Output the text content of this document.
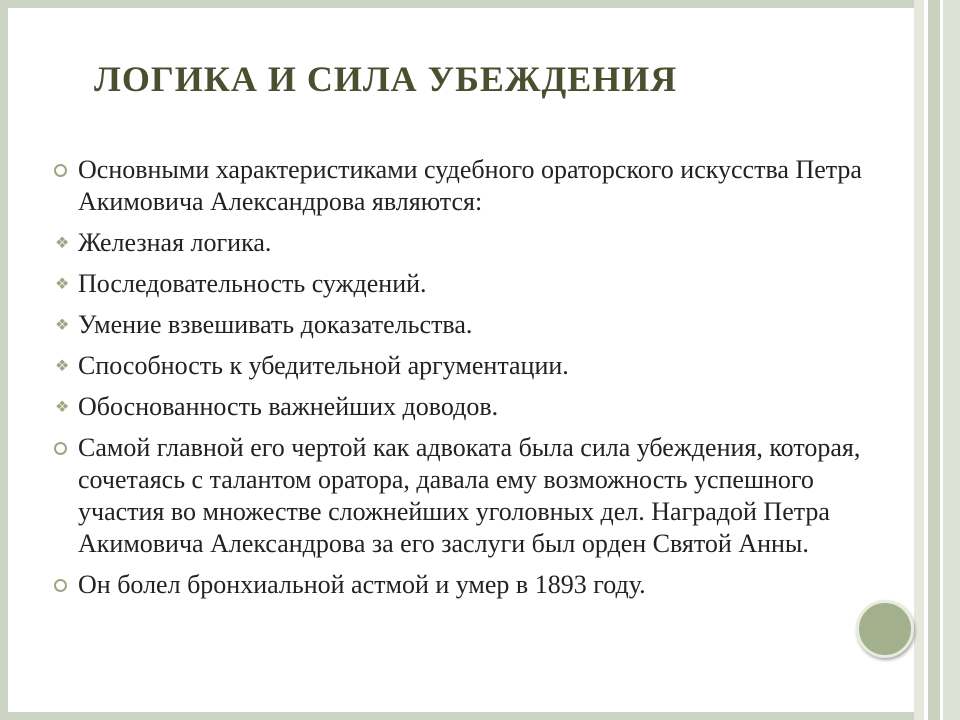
ЛОГИКА И СИЛА УБЕЖДЕНИЯ
Основными характеристиками судебного ораторского искусства Петра Акимовича Александрова являются:
❖ Железная логика.
❖ Последовательность суждений.
❖ Умение взвешивать доказательства.
❖ Способность к убедительной аргументации.
❖ Обоснованность важнейших доводов.
Самой главной его чертой как адвоката была сила убеждения, которая, сочетаясь с талантом оратора, давала ему возможность успешного участия во множестве сложнейших уголовных дел. Наградой Петра Акимовича Александрова за его заслуги был орден Святой Анны.
Он болел бронхиальной астмой и умер в 1893 году.
